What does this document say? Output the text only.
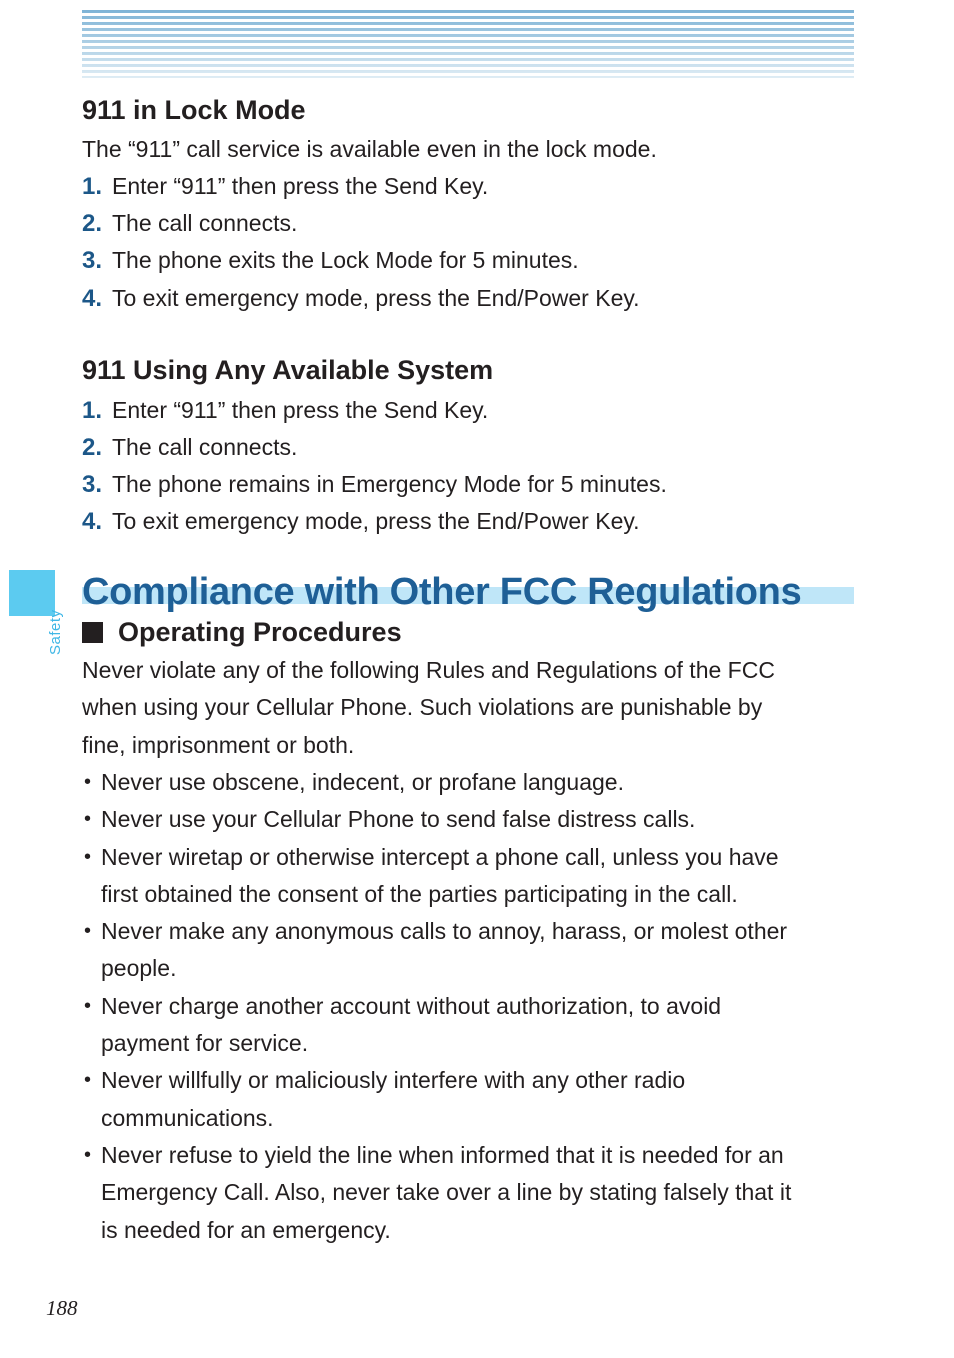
Safety
911 in Lock Mode
The “911” call service is available even in the lock mode.
1. Enter “911” then press the Send Key.
2. The call connects.
3. The phone exits the Lock Mode for 5 minutes.
4. To exit emergency mode, press the End/Power Key.
911 Using Any Available System
1. Enter “911” then press the Send Key.
2. The call connects.
3. The phone remains in Emergency Mode for 5 minutes.
4. To exit emergency mode, press the End/Power Key.
Compliance with Other FCC Regulations
Operating Procedures
Never violate any of the following Rules and Regulations of the FCC
when using your Cellular Phone. Such violations are punishable by
fine, imprisonment or both.
• Never use obscene, indecent, or profane language.
• Never use your Cellular Phone to send false distress calls.
• Never wiretap or otherwise intercept a phone call, unless you have
first obtained the consent of the parties participating in the call.
• Never make any anonymous calls to annoy, harass, or molest other
people.
• Never charge another account without authorization, to avoid
payment for service.
• Never willfully or maliciously interfere with any other radio
communications.
• Never refuse to yield the line when informed that it is needed for an
Emergency Call. Also, never take over a line by stating falsely that it
is needed for an emergency.
188
